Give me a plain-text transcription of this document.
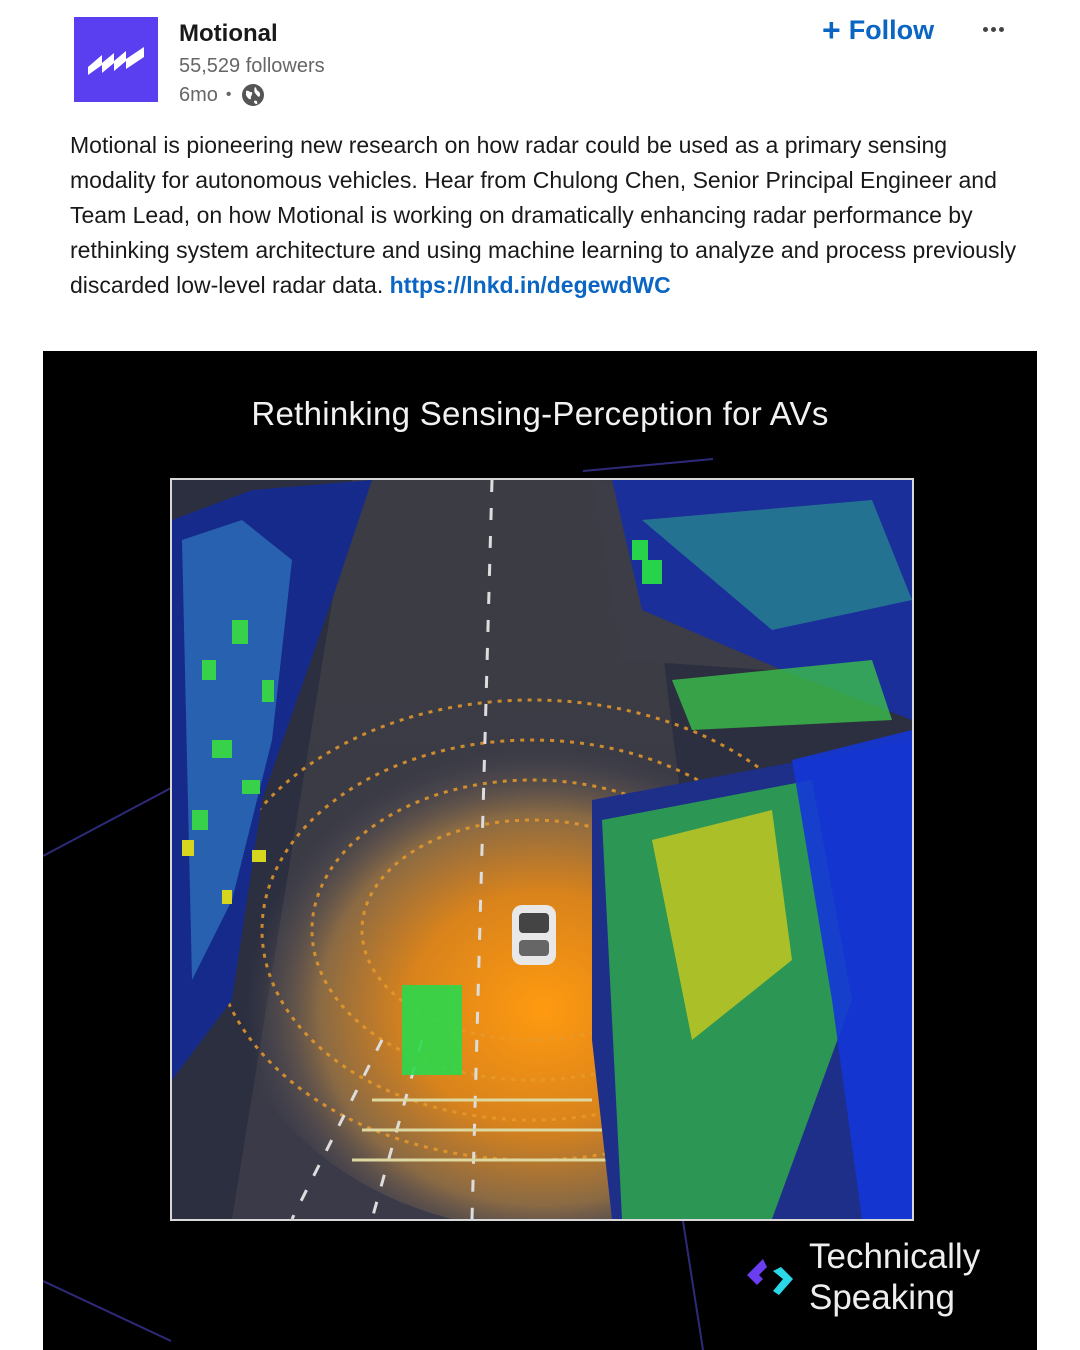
Motional
55,529 followers
6mo •
+ Follow
Motional is pioneering new research on how radar could be used as a primary sensing modality for autonomous vehicles. Hear from Chulong Chen, Senior Principal Engineer and Team Lead, on how Motional is working on dramatically enhancing radar performance by rethinking system architecture and using machine learning to analyze and process previously discarded low-level radar data. https://lnkd.in/degewdWC
Rethinking Sensing-Perception for AVs
Technically
Speaking
